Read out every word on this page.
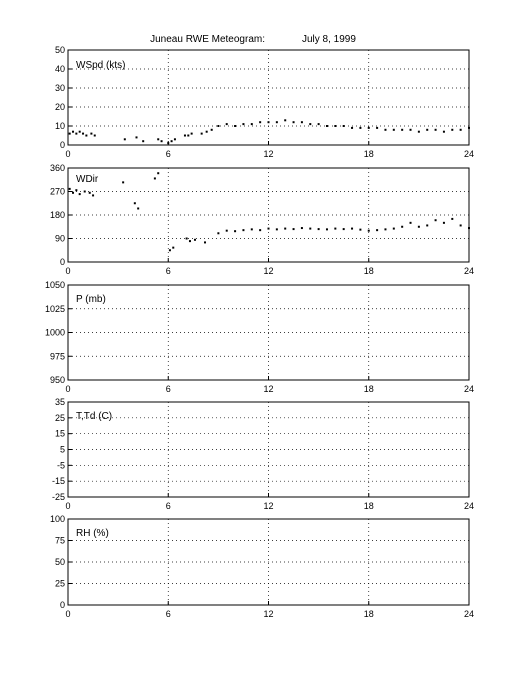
Juneau RWE Meteogram:	July 8, 1999
0
10
20
30
40
50
0	6	12	18	24
WSpd (kts)
0
90
180
270
360
0	6	12	18	24
WDir
950
975
1000
1025
1050
0	6	12	18	24
P (mb)
-25
-15
-5
5
15
25
35
0	6	12	18	24
T,Td (C)
0
25
50
75
100
0	6	12	18	24
RH (%)
